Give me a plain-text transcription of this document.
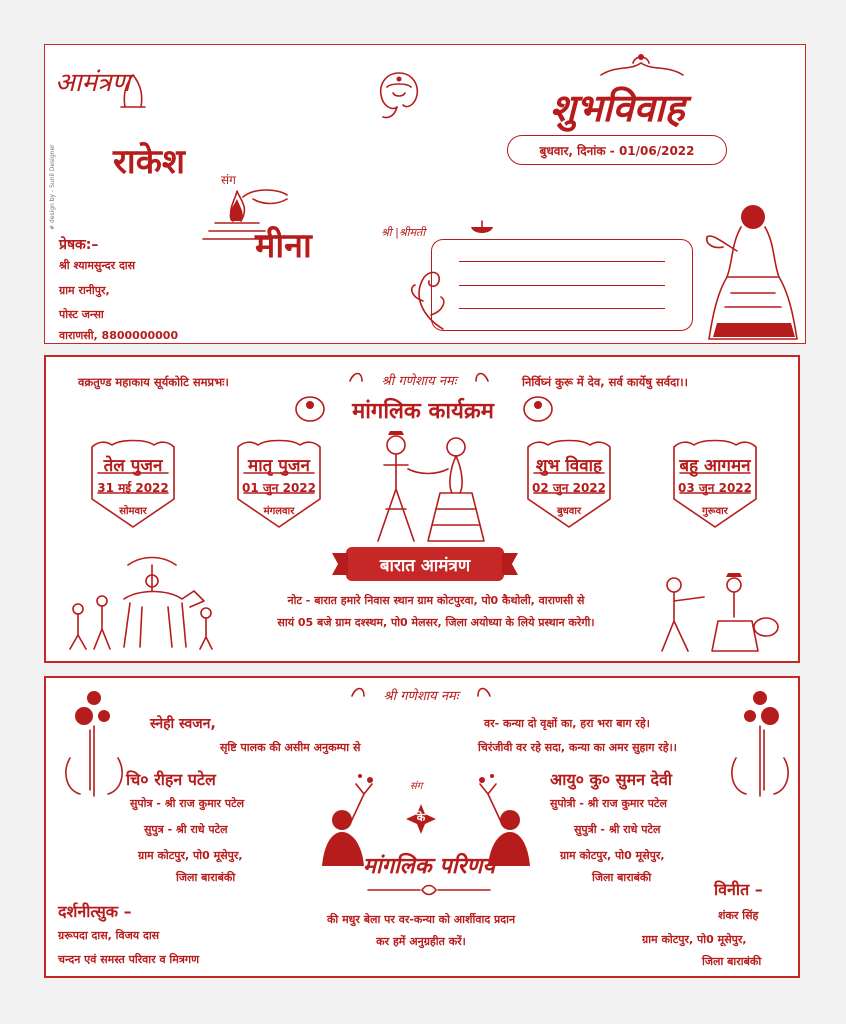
आमंत्रण
राकेश	संग
मीना
# design by - Sunil Designer
प्रेषक:–
श्री श्यामसुन्दर दास
ग्राम रानीपुर,
पोस्ट जन्सा
वाराणसी, 8800000000
शुभविवाह
बुधवार, दिनांक - 01/06/2022
श्री |श्रीमती
श्री गणेशाय नमः
वक्रतुण्ड महाकाय सूर्यकोटि समप्रभः।	निर्विघ्नं कुरू में देव, सर्व कार्येषु सर्वदा।।
मांगलिक कार्यक्रम
तेल पुजन
31 मई 2022
सोमवार
मातृ पुजन
01 जुन 2022
मंगलवार
शुभ विवाह
02 जुन 2022
बुधवार
बहु आगमन
03 जुन 2022
गुरूवार
बारात आमंत्रण
नोट - बारात हमारे निवास स्थान ग्राम कोटपुरवा, पो0 कैथोली, वाराणसी से
सायं 05 बजे ग्राम दश्स्थम, पो0 मेलसर, जिला अयोध्या के लिये प्रस्थान करेगी।
श्री गणेशाय नमः
स्नेही स्वजन,
सृष्टि पालक की असीम अनुकम्पा से
वर- कन्या दो वृक्षों का, हरा भरा बाग रहे।
चिरंजीवी वर रहे सदा, कन्या का अमर सुहाग रहे।।
चि० रीहन पटेल
सुपोत्र - श्री राज कुमार पटेल
सुपुत्र - श्री राधे पटेल
ग्राम कोटपुर, पो0 मूसेपुर,
जिला बाराबंकी
आयु० कु० सुमन देवी
सुपोत्री - श्री राज कुमार पटेल
सुपुत्री - श्री राधे पटेल
ग्राम कोटपुर, पो0 मूसेपुर,
जिला बाराबंकी
संग
के
मांगलिक परिणय
की मधुर बेला पर वर-कन्या को आर्शीवाद प्रदान
कर हमें अनुग्रहीत करें।
दर्शनीत्सुक –
ग्ररूपदा दास, विजय दास
चन्दन एवं समस्त परिवार व मित्रगण
विनीत –
शंकर सिंह
ग्राम कोटपुर, पो0 मूसेपुर,
जिला बाराबंकी
